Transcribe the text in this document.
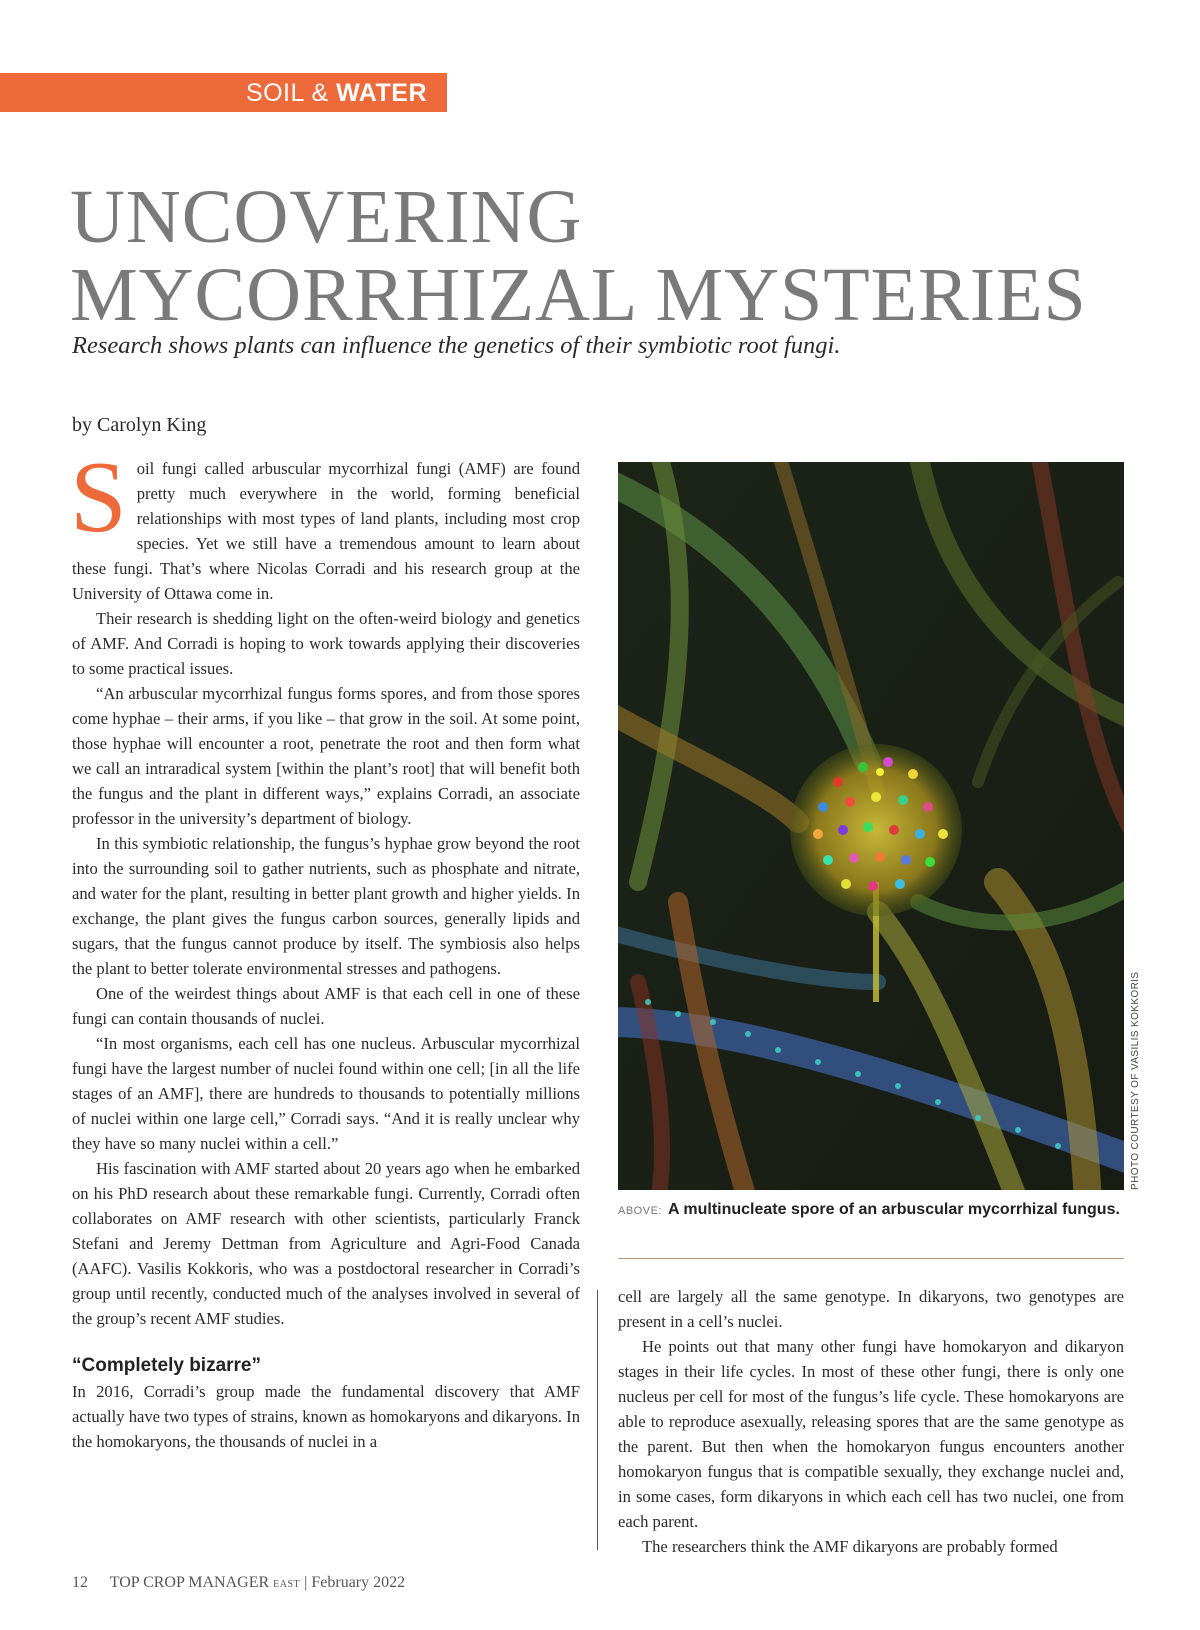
SOIL & WATER
UNCOVERING
MYCORRHIZAL MYSTERIES

Research shows plants can influence the genetics of their symbiotic root fungi.

by Carolyn King

Soil fungi called arbuscular mycorrhizal fungi (AMF) are found pretty much everywhere in the world, forming beneficial relationships with most types of land plants, including most crop species. Yet we still have a tremendous amount to learn about these fungi. That’s where Nicolas Corradi and his research group at the University of Ottawa come in.

Their research is shedding light on the often-weird biology and genetics of AMF. And Corradi is hoping to work towards applying their discoveries to some practical issues.

“An arbuscular mycorrhizal fungus forms spores, and from those spores come hyphae – their arms, if you like – that grow in the soil. At some point, those hyphae will encounter a root, penetrate the root and then form what we call an intraradical system [within the plant’s root] that will benefit both the fungus and the plant in different ways,” explains Corradi, an associate professor in the university’s department of biology.

In this symbiotic relationship, the fungus’s hyphae grow beyond the root into the surrounding soil to gather nutrients, such as phosphate and nitrate, and water for the plant, resulting in better plant growth and higher yields. In exchange, the plant gives the fungus carbon sources, generally lipids and sugars, that the fungus cannot produce by itself. The symbiosis also helps the plant to better tolerate environmental stresses and pathogens.

One of the weirdest things about AMF is that each cell in one of these fungi can contain thousands of nuclei.

“In most organisms, each cell has one nucleus. Arbuscular mycorrhizal fungi have the largest number of nuclei found within one cell; [in all the life stages of an AMF], there are hundreds to thousands to potentially millions of nuclei within one large cell,” Corradi says. “And it is really unclear why they have so many nuclei within a cell.”

His fascination with AMF started about 20 years ago when he embarked on his PhD research about these remarkable fungi. Currently, Corradi often collaborates on AMF research with other scientists, particularly Franck Stefani and Jeremy Dettman from Agriculture and Agri-Food Canada (AAFC). Vasilis Kokkoris, who was a postdoctoral researcher in Corradi’s group until recently, conducted much of the analyses involved in several of the group’s recent AMF studies.

“Completely bizarre”

In 2016, Corradi’s group made the fundamental discovery that AMF actually have two types of strains, known as homokaryons and dikaryons. In the homokaryons, the thousands of nuclei in a

PHOTO COURTESY OF VASILIS KOKKORIS
ABOVE: A multinucleate spore of an arbuscular mycorrhizal fungus.

cell are largely all the same genotype. In dikaryons, two genotypes are present in a cell’s nuclei.

He points out that many other fungi have homokaryon and dikaryon stages in their life cycles. In most of these other fungi, there is only one nucleus per cell for most of the fungus’s life cycle. These homokaryons are able to reproduce asexually, releasing spores that are the same genotype as the parent. But then when the homokaryon fungus encounters another homokaryon fungus that is compatible sexually, they exchange nuclei and, in some cases, form dikaryons in which each cell has two nuclei, one from each parent.

The researchers think the AMF dikaryons are probably formed

12 TOP CROP MANAGER EAST | February 2022
